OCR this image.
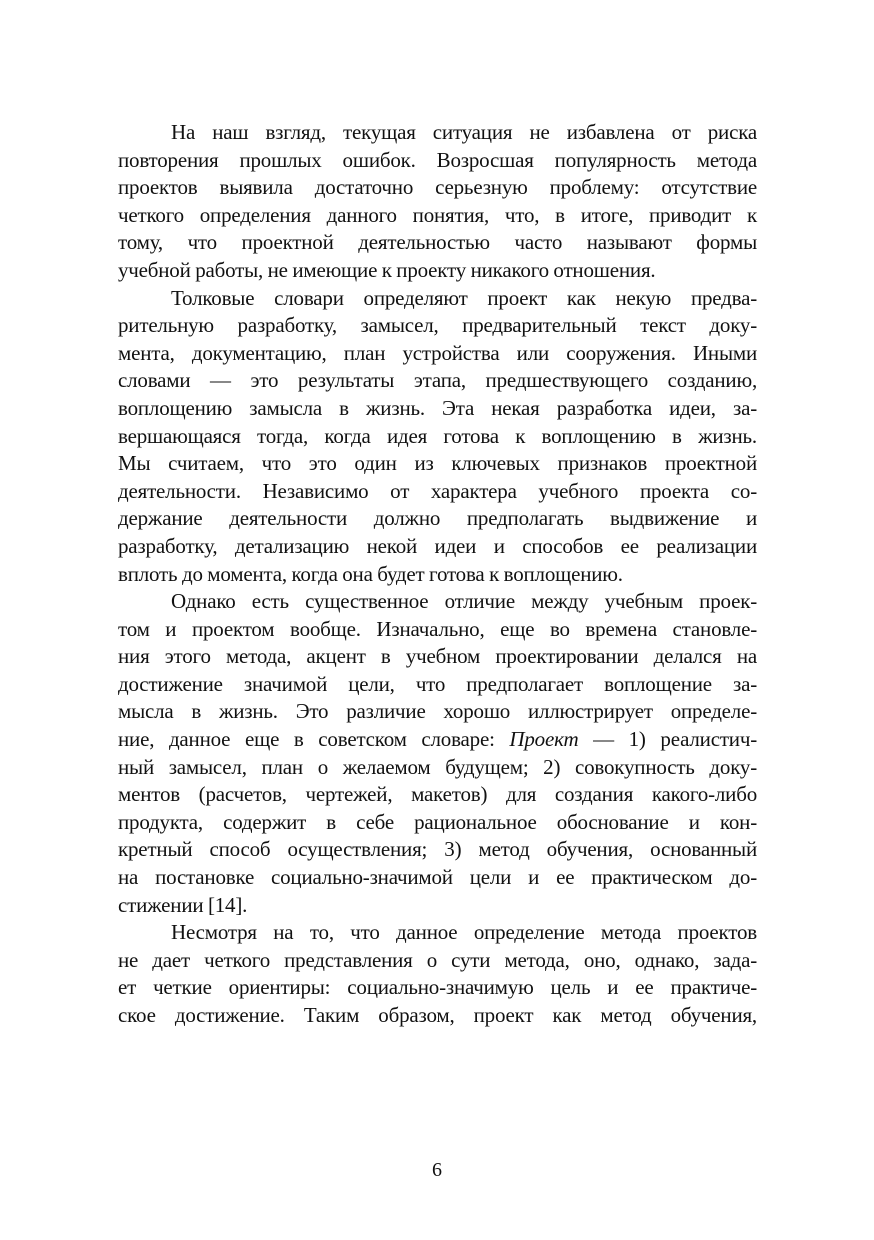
На наш взгляд, текущая ситуация не избавлена от риска
повторения прошлых ошибок. Возросшая популярность метода
проектов выявила достаточно серьезную проблему: отсутствие
четкого определения данного понятия, что, в итоге, приводит к
тому, что проектной деятельностью часто называют формы
учебной работы, не имеющие к проекту никакого отношения.
Толковые словари определяют проект как некую предва-
рительную разработку, замысел, предварительный текст доку-
мента, документацию, план устройства или сооружения. Иными
словами — это результаты этапа, предшествующего созданию,
воплощению замысла в жизнь. Эта некая разработка идеи, за-
вершающаяся тогда, когда идея готова к воплощению в жизнь.
Мы считаем, что это один из ключевых признаков проектной
деятельности. Независимо от характера учебного проекта со-
держание деятельности должно предполагать выдвижение и
разработку, детализацию некой идеи и способов ее реализации
вплоть до момента, когда она будет готова к воплощению.
Однако есть существенное отличие между учебным проек-
том и проектом вообще. Изначально, еще во времена становле-
ния этого метода, акцент в учебном проектировании делался на
достижение значимой цели, что предполагает воплощение за-
мысла в жизнь. Это различие хорошо иллюстрирует определе-
ние, данное еще в советском словаре: Проект — 1) реалистич-
ный замысел, план о желаемом будущем; 2) совокупность доку-
ментов (расчетов, чертежей, макетов) для создания какого-либо
продукта, содержит в себе рациональное обоснование и кон-
кретный способ осуществления; 3) метод обучения, основанный
на постановке социально-значимой цели и ее практическом до-
стижении [14].
Несмотря на то, что данное определение метода проектов
не дает четкого представления о сути метода, оно, однако, зада-
ет четкие ориентиры: социально-значимую цель и ее практиче-
ское достижение. Таким образом, проект как метод обучения,
6
